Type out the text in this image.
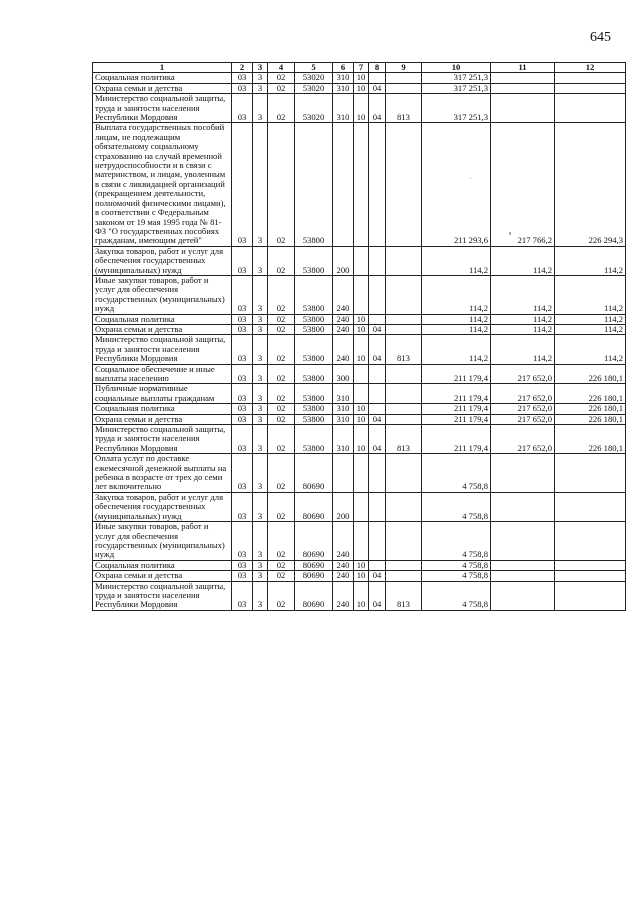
645
1	2	3	4	5	6	7	8	9	10	11	12
Социальная политика	03	3	02	53020	310	10			317 251,3		
Охрана семьи и детства	03	3	02	53020	310	10	04		317 251,3		
Министерство социальной защиты, труда и занятости населения Республики Мордовия	03	3	02	53020	310	10	04	813	317 251,3		
Выплата государственных пособий лицам, не подлежащим обязательному социальному страхованию на случай временной нетрудоспособности и в связи с материнством, и лицам, уволенным в связи с ликвидацией организаций (прекращением деятельности, полномочий физическими лицами), в соответствии с Федеральным законом от 19 мая 1995 года № 81-ФЗ "О государственных пособиях гражданам, имеющим детей"	03	3	02	53800					211 293,6	217 766,2	226 294,3
Закупка товаров, работ и услуг для обеспечения государственных (муниципальных) нужд	03	3	02	53800	200				114,2	114,2	114,2
Иные закупки товаров, работ и услуг для обеспечения государственных (муниципальных) нужд	03	3	02	53800	240				114,2	114,2	114,2
Социальная политика	03	3	02	53800	240	10			114,2	114,2	114,2
Охрана семьи и детства	03	3	02	53800	240	10	04		114,2	114,2	114,2
Министерство социальной защиты, труда и занятости населения Республики Мордовия	03	3	02	53800	240	10	04	813	114,2	114,2	114,2
Социальное обеспечение и иные выплаты населению	03	3	02	53800	300				211 179,4	217 652,0	226 180,1
Публичные нормативные социальные выплаты гражданам	03	3	02	53800	310				211 179,4	217 652,0	226 180,1
Социальная политика	03	3	02	53800	310	10			211 179,4	217 652,0	226 180,1
Охрана семьи и детства	03	3	02	53800	310	10	04		211 179,4	217 652,0	226 180,1
Министерство социальной защиты, труда и занятости населения Республики Мордовия	03	3	02	53800	310	10	04	813	211 179,4	217 652,0	226 180,1
Оплата услуг по доставке ежемесячной денежной выплаты на ребенка в возрасте от трех до семи лет включительно	03	3	02	80690					4 758,8		
Закупка товаров, работ и услуг для обеспечения государственных (муниципальных) нужд	03	3	02	80690	200				4 758,8		
Иные закупки товаров, работ и услуг для обеспечения государственных (муниципальных) нужд	03	3	02	80690	240				4 758,8		
Социальная политика	03	3	02	80690	240	10			4 758,8		
Охрана семьи и детства	03	3	02	80690	240	10	04		4 758,8		
Министерство социальной защиты, труда и занятости населения Республики Мордовия	03	3	02	80690	240	10	04	813	4 758,8		
